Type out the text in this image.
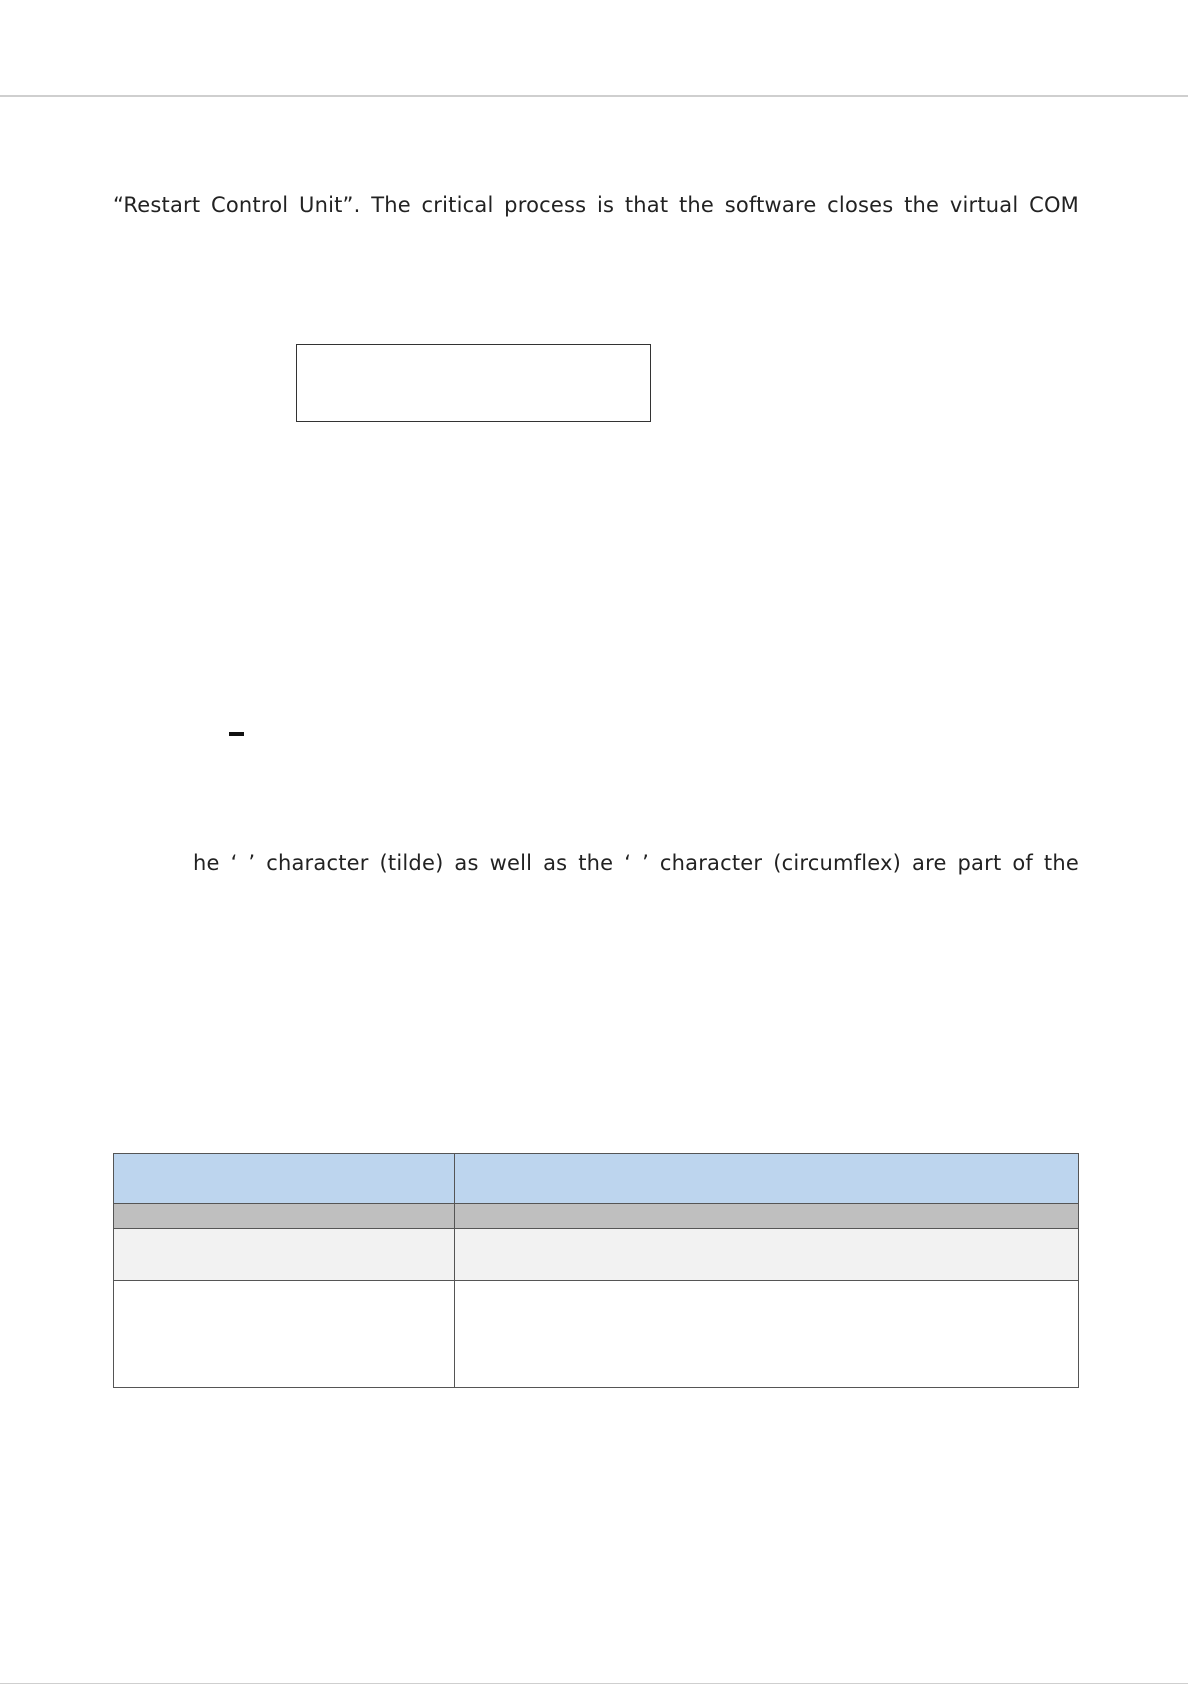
“Restart Control Unit”. The critical process is that the software closes the virtual COM
he ‘ ’ character (tilde) as well as the ‘ ’ character (circumflex) are part of the
